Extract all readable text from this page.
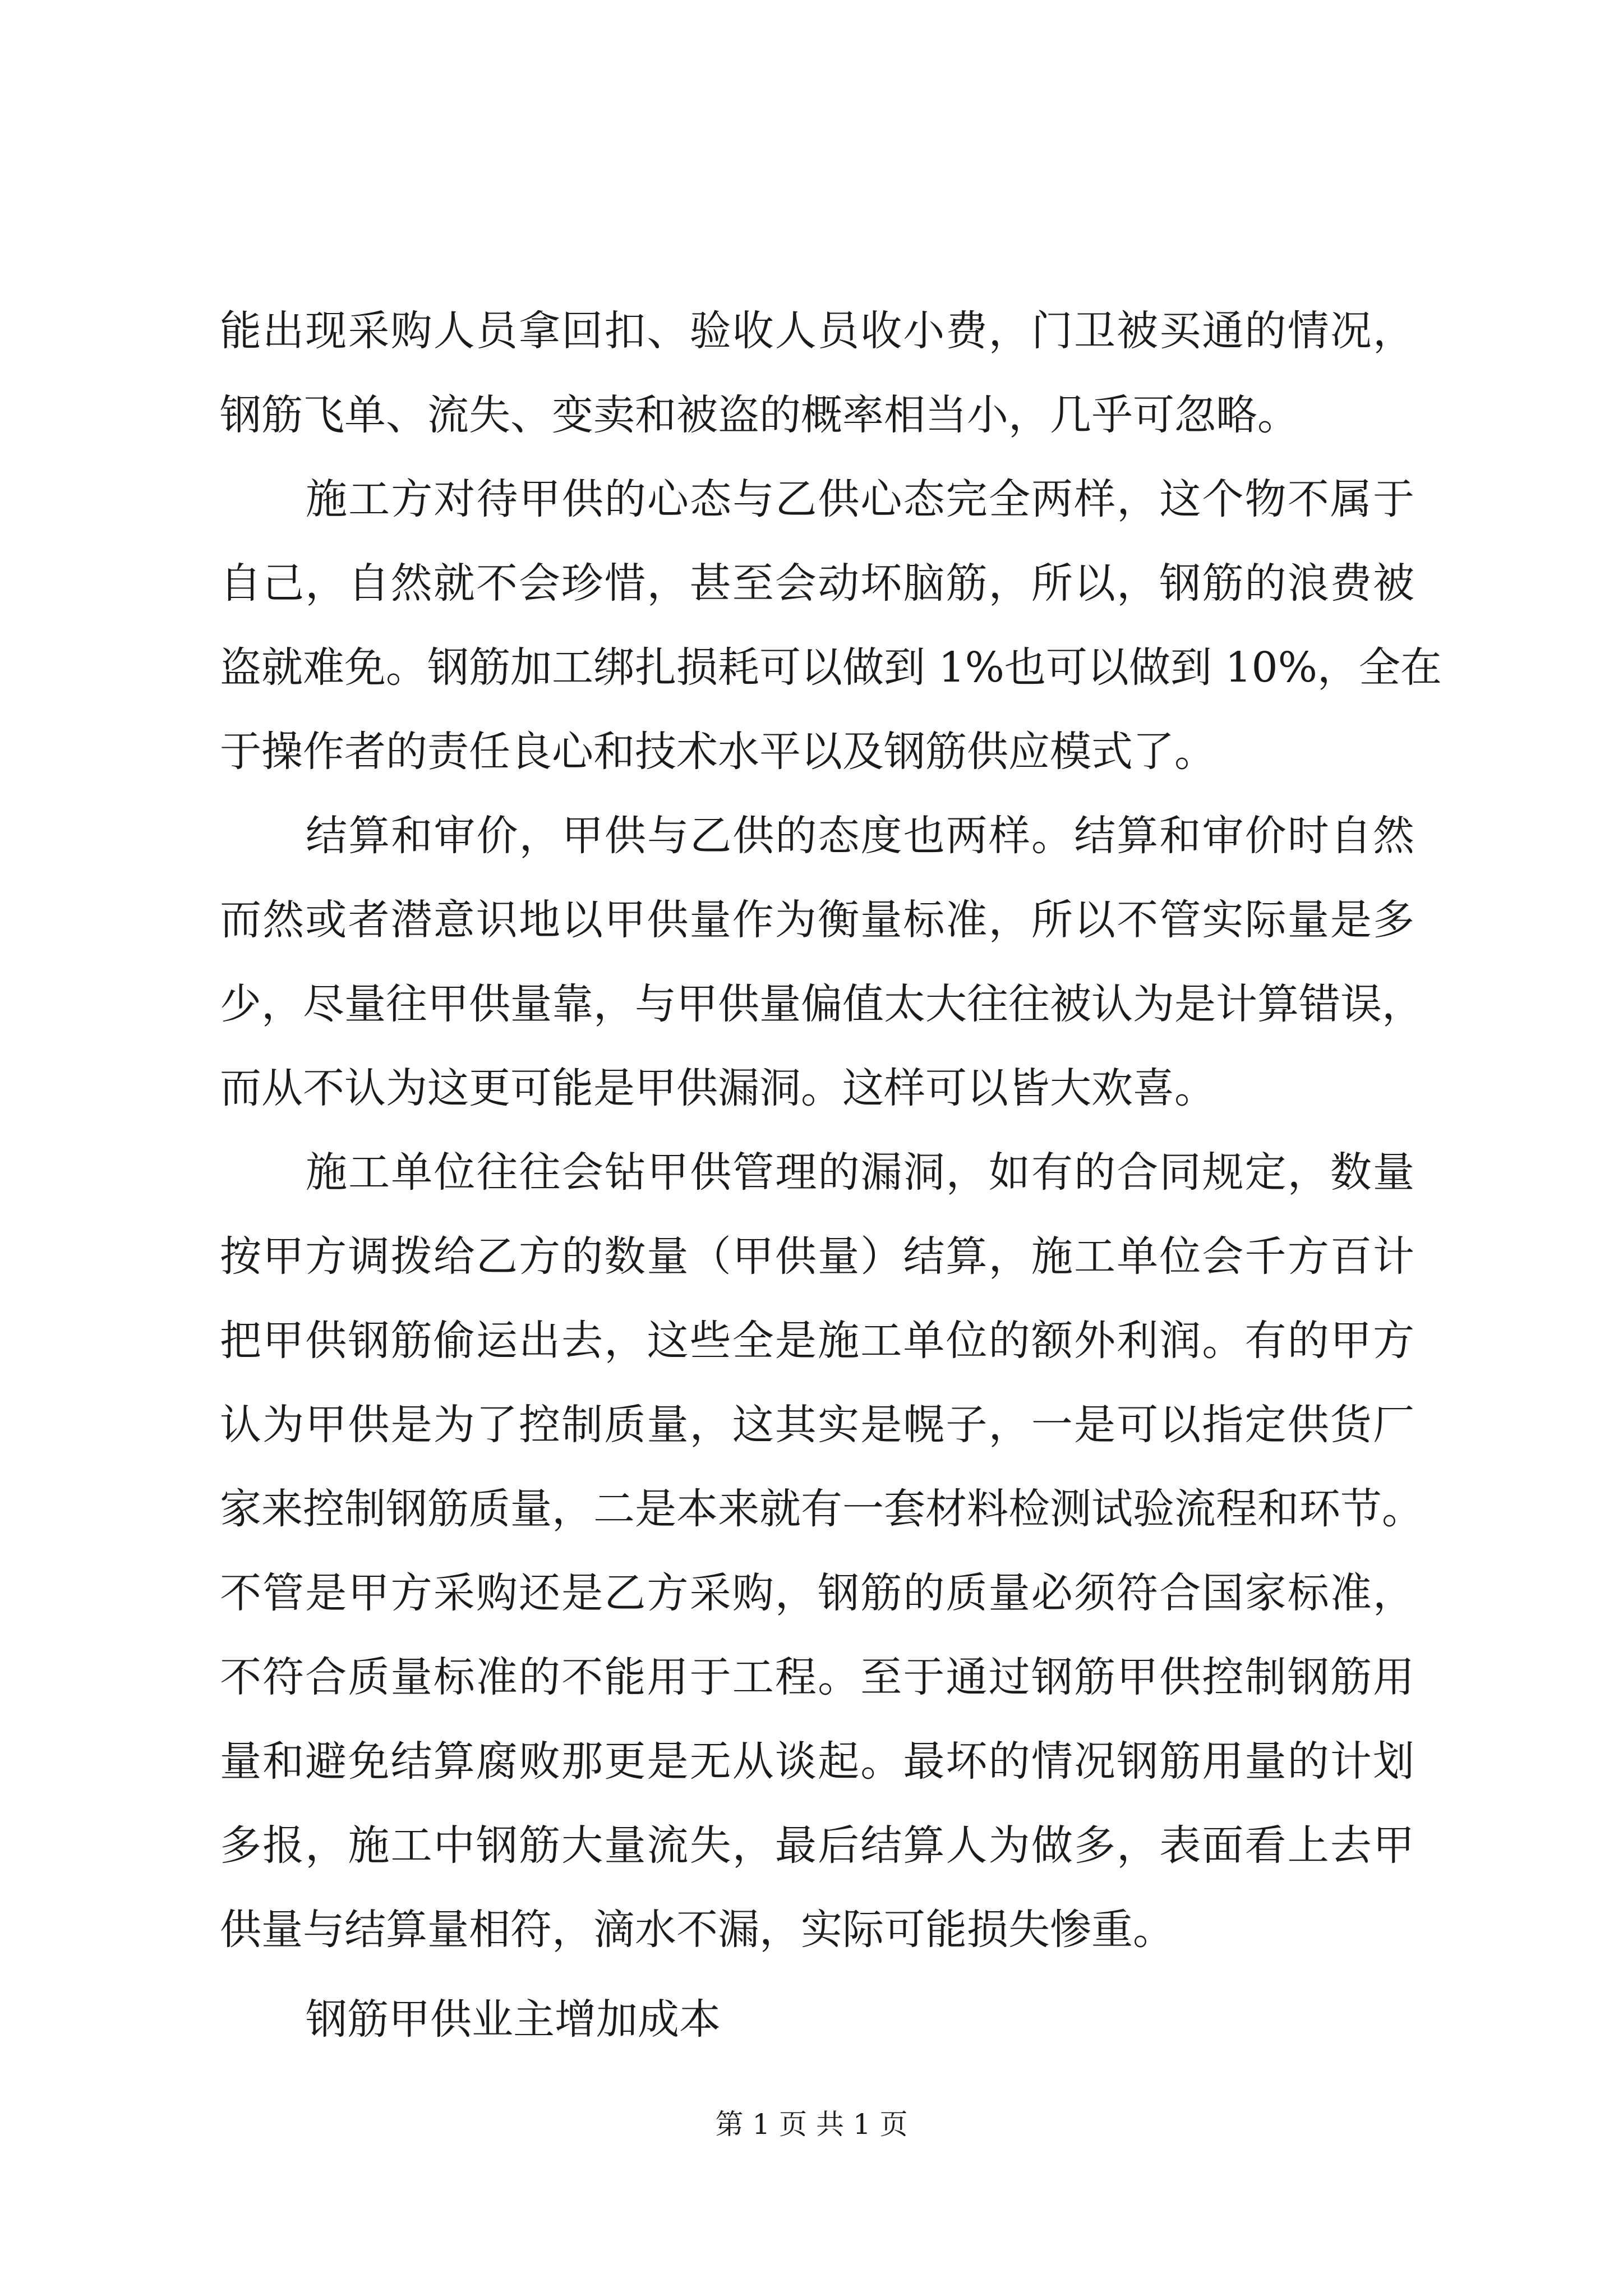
能出现采购人员拿回扣、验收人员收小费，门卫被买通的情况，
钢筋飞单、流失、变卖和被盗的概率相当小，几乎可忽略。
施工方对待甲供的心态与乙供心态完全两样，这个物不属于
自己，自然就不会珍惜，甚至会动坏脑筋，所以，钢筋的浪费被
盗就难免。钢筋加工绑扎损耗可以做到 1%也可以做到 10%，全在
于操作者的责任良心和技术水平以及钢筋供应模式了。
结算和审价，甲供与乙供的态度也两样。结算和审价时自然
而然或者潜意识地以甲供量作为衡量标准，所以不管实际量是多
少，尽量往甲供量靠，与甲供量偏值太大往往被认为是计算错误，
而从不认为这更可能是甲供漏洞。这样可以皆大欢喜。
施工单位往往会钻甲供管理的漏洞，如有的合同规定，数量
按甲方调拨给乙方的数量（甲供量）结算，施工单位会千方百计
把甲供钢筋偷运出去，这些全是施工单位的额外利润。有的甲方
认为甲供是为了控制质量，这其实是幌子，一是可以指定供货厂
家来控制钢筋质量，二是本来就有一套材料检测试验流程和环节。
不管是甲方采购还是乙方采购，钢筋的质量必须符合国家标准，
不符合质量标准的不能用于工程。至于通过钢筋甲供控制钢筋用
量和避免结算腐败那更是无从谈起。最坏的情况钢筋用量的计划
多报，施工中钢筋大量流失，最后结算人为做多，表面看上去甲
供量与结算量相符，滴水不漏，实际可能损失惨重。
钢筋甲供业主增加成本
第 1 页 共 1 页
